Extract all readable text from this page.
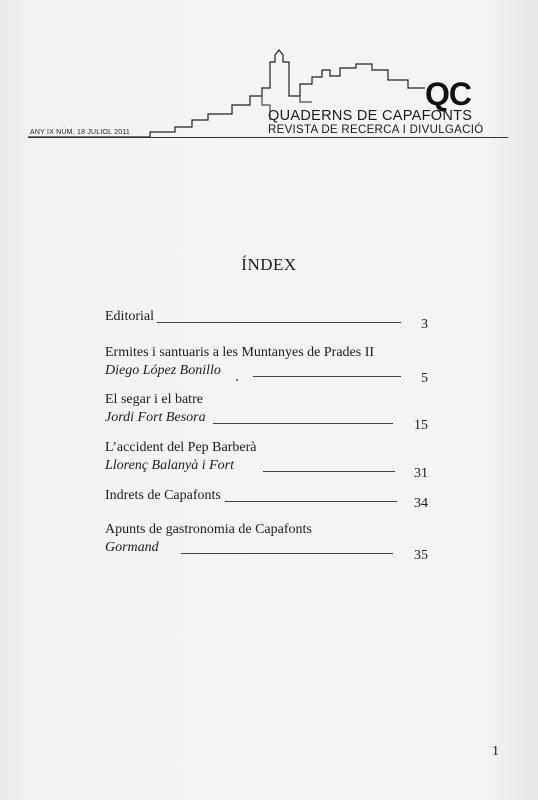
QC
QUADERNS DE CAPAFONTS
REVISTA DE RECERCA I DIVULGACIÓ
ANY IX NÚM. 18 JULIOL 2011
ÍNDEX
Editorial
3
Ermites i santuaris a les Muntanyes de Prades II
Diego López Bonillo
5
El segar i el batre
Jordi Fort Besora
15
L’accident del Pep Barberà
Llorenç Balanyà i Fort
31
Indrets de Capafonts
34
Apunts de gastronomia de Capafonts
Gormand
35
1
